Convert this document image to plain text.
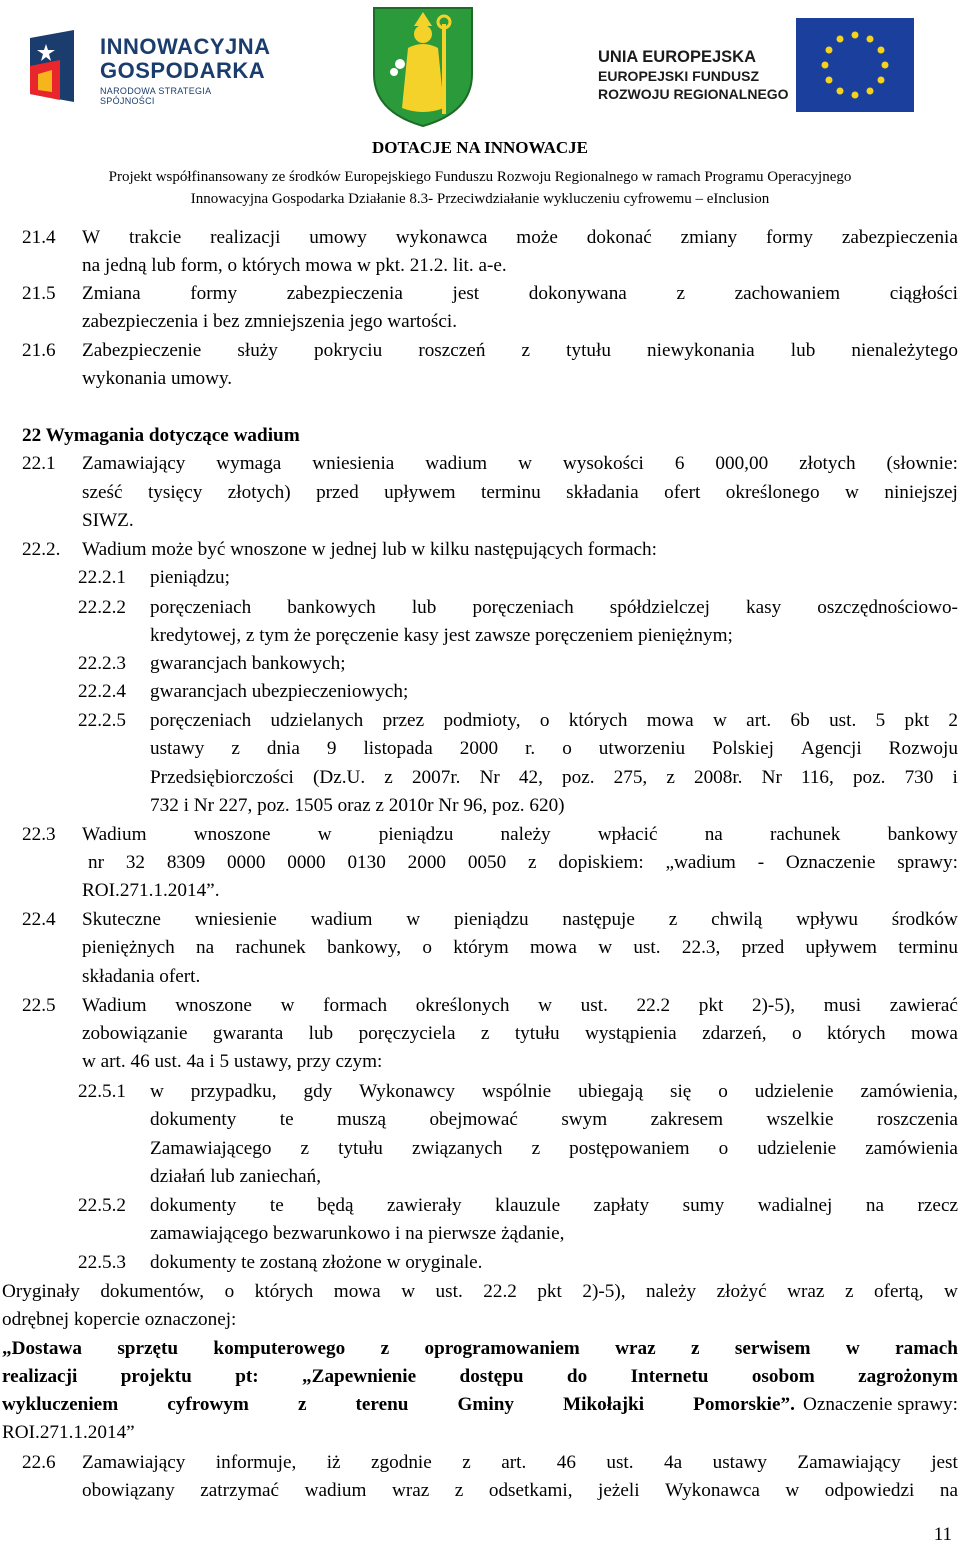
INNOWACYJNA
GOSPODARKA
NARODOWA STRATEGIA SPÓJNOŚCI
UNIA EUROPEJSKA
EUROPEJSKI FUNDUSZ
ROZWOJU REGIONALNEGO
DOTACJE NA INNOWACJE
Projekt współfinansowany ze środków Europejskiego Funduszu Rozwoju Regionalnego w ramach Programu Operacyjnego
Innowacyjna Gospodarka Działanie 8.3- Przeciwdziałanie wykluczeniu cyfrowemu – eInclusion
21.4 W trakcie realizacji umowy wykonawca może dokonać zmiany formy zabezpieczenia
na jedną lub form, o których mowa w pkt. 21.2. lit. a-e.
21.5 Zmiana	formy	zabezpieczenia	jest	dokonywana	z	zachowaniem	ciągłości
zabezpieczenia i bez zmniejszenia jego wartości.
21.6 Zabezpieczenie służy pokryciu roszczeń z tytułu niewykonania lub nienależytego
wykonania umowy.
22 Wymagania dotyczące wadium
22.1 Zamawiający wymaga wniesienia wadium w wysokości 6 000,00 złotych (słownie:
sześć tysięcy złotych) przed upływem terminu składania ofert określonego w niniejszej
SIWZ.
22.2. Wadium może być wnoszone w jednej lub w kilku następujących formach:
22.2.1 pieniądzu;
22.2.2 poręczeniach bankowych lub poręczeniach spółdzielczej kasy oszczędnościowo-
kredytowej, z tym że poręczenie kasy jest zawsze poręczeniem pieniężnym;
22.2.3 gwarancjach bankowych;
22.2.4 gwarancjach ubezpieczeniowych;
22.2.5 poręczeniach udzielanych przez podmioty, o których mowa w art. 6b ust. 5 pkt 2
ustawy z dnia 9 listopada 2000 r. o utworzeniu Polskiej Agencji Rozwoju
Przedsiębiorczości (Dz.U. z 2007r. Nr 42, poz. 275, z 2008r. Nr 116, poz. 730 i
732 i Nr 227, poz. 1505 oraz z 2010r Nr 96, poz. 620)
22.3 Wadium wnoszone w pieniądzu należy wpłacić na rachunek bankowy
nr 32 8309 0000 0000 0130 2000 0050 z dopiskiem: „wadium - Oznaczenie sprawy:
ROI.271.1.2014”.
22.4 Skuteczne wniesienie wadium w pieniądzu następuje z chwilą wpływu środków
pieniężnych na rachunek bankowy, o którym mowa w ust. 22.3, przed upływem terminu
składania ofert.
22.5 Wadium wnoszone w formach określonych w ust. 22.2 pkt 2)-5), musi zawierać
zobowiązanie gwaranta lub poręczyciela z tytułu wystąpienia zdarzeń, o których mowa
w art. 46 ust. 4a i 5 ustawy, przy czym:
22.5.1 w przypadku, gdy Wykonawcy wspólnie ubiegają się o udzielenie zamówienia,
dokumenty te muszą obejmować swym zakresem wszelkie roszczenia
Zamawiającego z tytułu związanych z postępowaniem o udzielenie zamówienia
działań lub zaniechań,
22.5.2 dokumenty te będą zawierały klauzule zapłaty sumy wadialnej na rzecz
zamawiającego bezwarunkowo i na pierwsze żądanie,
22.5.3 dokumenty te zostaną złożone w oryginale.
Oryginały dokumentów, o których mowa w ust. 22.2 pkt 2)-5), należy złożyć wraz z ofertą, w
odrębnej kopercie oznaczonej:
„Dostawa sprzętu komputerowego z oprogramowaniem wraz z serwisem w ramach
realizacji projektu pt: „Zapewnienie dostępu do Internetu osobom zagrożonym
wykluczeniem	cyfrowym	z	terenu	Gminy	Mikołajki	Pomorskie”. Oznaczenie sprawy:
ROI.271.1.2014”
22.6 Zamawiający informuje, iż zgodnie z art. 46 ust. 4a ustawy Zamawiający jest
obowiązany zatrzymać wadium wraz z odsetkami, jeżeli Wykonawca w odpowiedzi na
11
